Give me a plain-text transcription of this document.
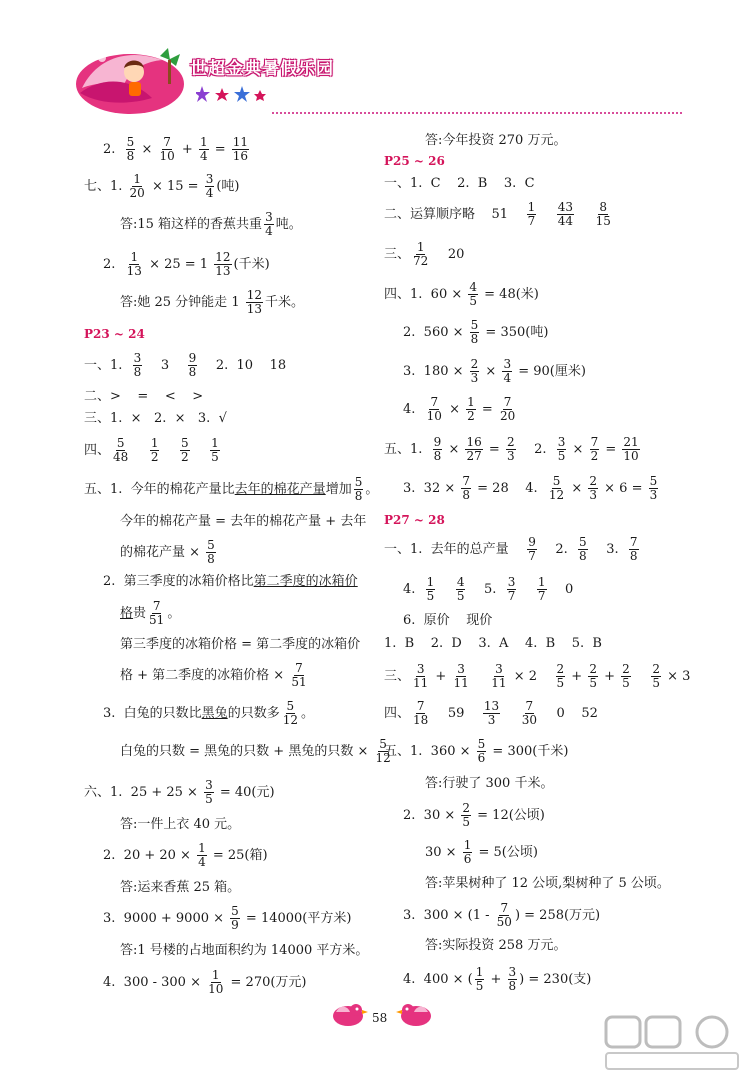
世超金典暑假乐园
2. $\frac{5}{8} \times \frac{7}{10} + \frac{1}{4} = \frac{11}{16}$
七、1. $\frac{1}{20} \times 15 = \frac{3}{4}$ (吨)
答:15 箱这样的香蕉共重 $\frac{3}{4}$ 吨。
2. $\frac{1}{13} \times 25 = 1 \frac{12}{13}$ (千米)
答:她 25 分钟能走 $1 \frac{12}{13}$ 千米。
P23 ~ 24
一、1. $\frac{3}{8} 3 \frac{9}{8} 2$.  10    18
二、>    =    <    >
三、1.  ×   2.  ×   3.  √
四、 $\frac{5}{48}$
$\frac{1}{2}$
$\frac{5}{2}$
$\frac{1}{5}$
五、1.  今年的棉花产量比 去年的棉花产量 增加 $\frac{5}{8}$ 。
今年的棉花产量 = 去年的棉花产量 + 去年
的棉花产量 × $\frac{5}{8}$
2.  第三季度的冰箱价格比 第二季度的冰箱价
格 贵 $\frac{7}{51}$ 。
第三季度的冰箱价格 = 第二季度的冰箱价
格 + 第二季度的冰箱价格 × $\frac{7}{51}$
3.  白兔的只数比 黑兔 的只数多 $\frac{5}{12}$ 。
白兔的只数 = 黑兔的只数 + 黑兔的只数 × $\frac{5}{12}$
六、1.  $25 + 25 \times \frac{3}{5} = 40$(元)
答:一件上衣 40 元。
2.  $20 + 20 \times \frac{1}{4} = 25$(箱)
答:运来香蕉 25 箱。
3.  $9000 + 9000 \times \frac{5}{9} = 14000$(平方米)
答:1 号楼的占地面积约为 14000 平方米。
4.  $300 - 300 \times \frac{1}{10} = 270$(万元)
答:今年投资 270 万元。
P25 ~ 26
一、1.  C    2.  B    3.  C
二、运算顺序略    $51 \frac{1}{7}$
$\frac{43}{44}$
$\frac{8}{15}$
三、 $\frac{1}{72} 20$
四、1.  $60 \times \frac{4}{5} = 48$(米)
2.  $560 \times \frac{5}{8} = 350$(吨)
3.  $180 \times \frac{2}{3} \times \frac{3}{4} = 90$(厘米)
4. $\frac{7}{10} \times \frac{1}{2} = \frac{7}{20}$
五、1. $\frac{9}{8} \times \frac{16}{27} = \frac{2}{3} 2$. $\frac{3}{5} \times \frac{7}{2} = \frac{21}{10}$
3.  $32 \times \frac{7}{8} = 28$    4. $\frac{5}{12} \times \frac{2}{3} \times 6 = \frac{5}{3}$
P27 ~ 28
一、1.  去年的总产量 $\frac{9}{7} 2$. $\frac{5}{8} 3$. $\frac{7}{8}$
4. $\frac{1}{5}$
$\frac{4}{5} 5$. $\frac{3}{7}$
$\frac{1}{7} 0$
6.  原价    现价
1.  B    2.  D    3.  A    4.  B    5.  B
三、 $\frac{3}{11} + \frac{3}{11}$
$\frac{3}{11} \times 2 \frac{2}{5} + \frac{2}{5} + \frac{2}{5}$
$\frac{2}{5} \times 3$
四、 $\frac{7}{18} 59 \frac{13}{3}$
$\frac{7}{30} 0$    52
五、1.  $360 \times \frac{5}{6} = 300$(千米)
答:行驶了 300 千米。
2.  $30 \times \frac{2}{5} = 12$(公顷)
$30 \times \frac{1}{6} = 5$(公顷)
答:苹果树种了 12 公顷,梨树种了 5 公顷。
3.  300 × ( $1 - \frac{7}{50}$ ) = 258(万元)
答:实际投资 258 万元。
4.  400 × ( $\frac{1}{5} + \frac{3}{8}$ ) = 230(支)
58
